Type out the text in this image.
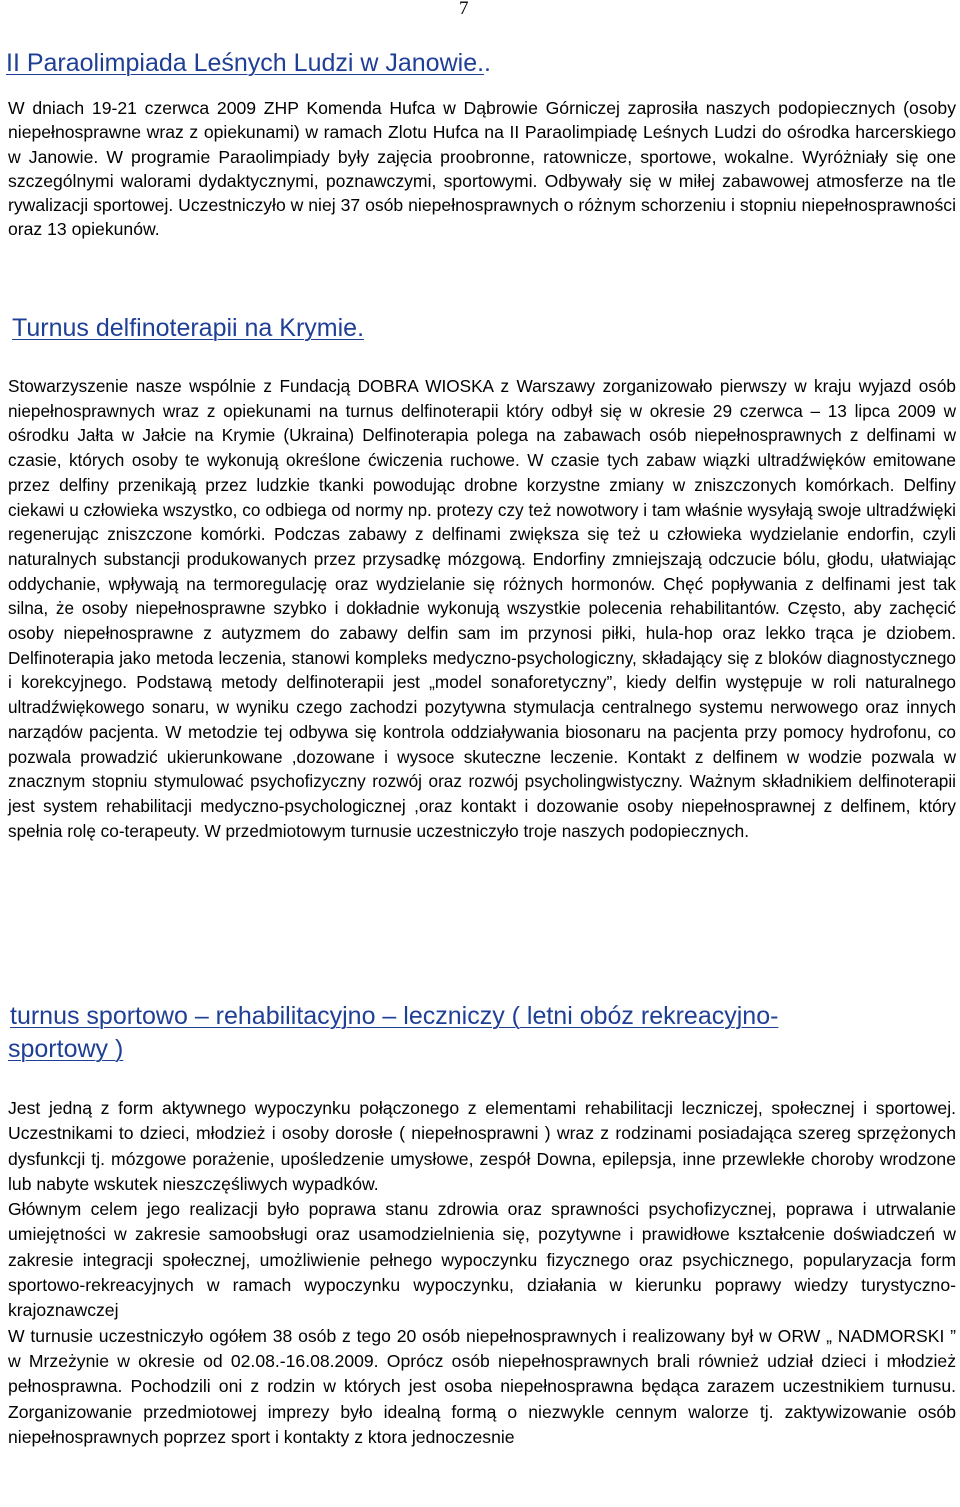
7
II Paraolimpiada Leśnych Ludzi w Janowie..

W dniach 19-21 czerwca 2009 ZHP Komenda Hufca w Dąbrowie Górniczej zaprosiła naszych podopiecznych (osoby niepełnosprawne wraz z opiekunami) w ramach Zlotu Hufca na II Paraolimpiadę Leśnych Ludzi do ośrodka harcerskiego w Janowie. W programie Paraolimpiady były zajęcia proobronne, ratownicze, sportowe, wokalne. Wyróżniały się one szczególnymi walorami dydaktycznymi, poznawczymi, sportowymi. Odbywały się w miłej zabawowej atmosferze na tle rywalizacji sportowej. Uczestniczyło w niej 37 osób niepełnosprawnych o różnym schorzeniu i stopniu niepełnosprawności oraz 13 opiekunów.

Turnus delfinoterapii na Krymie.

Stowarzyszenie nasze wspólnie z Fundacją DOBRA WIOSKA z Warszawy zorganizowało pierwszy w kraju wyjazd osób niepełnosprawnych wraz z opiekunami na turnus delfinoterapii który odbył się w okresie 29 czerwca – 13 lipca 2009 w ośrodku Jałta w Jałcie na Krymie (Ukraina) Delfinoterapia polega na zabawach osób niepełnosprawnych z delfinami w czasie, których osoby te wykonują określone ćwiczenia ruchowe. W czasie tych zabaw wiązki ultradźwięków emitowane przez delfiny przenikają przez ludzkie tkanki powodując drobne korzystne zmiany w zniszczonych komórkach. Delfiny ciekawi u człowieka wszystko, co odbiega od normy np. protezy czy też nowotwory i tam właśnie wysyłają swoje ultradźwięki regenerując zniszczone komórki. Podczas zabawy z delfinami zwiększa się też u człowieka wydzielanie endorfin, czyli naturalnych substancji produkowanych przez przysadkę mózgową. Endorfiny zmniejszają odczucie bólu, głodu, ułatwiając oddychanie, wpływają na termoregulację oraz wydzielanie się różnych hormonów. Chęć popływania z delfinami jest tak silna, że osoby niepełnosprawne szybko i dokładnie wykonują wszystkie polecenia rehabilitantów. Często, aby zachęcić osoby niepełnosprawne z autyzmem do zabawy delfin sam im przynosi piłki, hula-hop oraz lekko trąca je dziobem. Delfinoterapia jako metoda leczenia, stanowi kompleks medyczno-psychologiczny, składający się z bloków diagnostycznego i korekcyjnego. Podstawą metody delfinoterapii jest „model sonaforetyczny”, kiedy delfin występuje w roli naturalnego ultradźwiękowego sonaru, w wyniku czego zachodzi pozytywna stymulacja centralnego systemu nerwowego oraz innych narządów pacjenta. W metodzie tej odbywa się kontrola oddziaływania biosonaru na pacjenta przy pomocy hydrofonu, co pozwala prowadzić ukierunkowane ,dozowane i wysoce skuteczne leczenie. Kontakt z delfinem w wodzie pozwala w znacznym stopniu stymulować psychofizyczny rozwój oraz rozwój psycholingwistyczny. Ważnym składnikiem delfinoterapii jest system rehabilitacji medyczno-psychologicznej ,oraz kontakt i dozowanie osoby niepełnosprawnej z delfinem, który spełnia rolę co-terapeuty. W przedmiotowym turnusie uczestniczyło troje naszych podopiecznych.

turnus sportowo – rehabilitacyjno – leczniczy ( letni obóz rekreacyjno-
sportowy )

Jest jedną z form aktywnego wypoczynku połączonego z elementami rehabilitacji leczniczej, społecznej i sportowej. Uczestnikami to dzieci, młodzież i osoby dorosłe ( niepełnosprawni ) wraz z rodzinami posiadająca szereg sprzężonych dysfunkcji tj. mózgowe porażenie, upośledzenie umysłowe, zespół Downa, epilepsja, inne przewlekłe choroby wrodzone lub nabyte wskutek nieszczęśliwych wypadków.

Głównym celem jego realizacji było poprawa stanu zdrowia oraz sprawności psychofizycznej, poprawa i utrwalanie umiejętności w zakresie samoobsługi oraz usamodzielnienia się, pozytywne i prawidłowe kształcenie doświadczeń w zakresie integracji społecznej, umożliwienie pełnego wypoczynku fizycznego oraz psychicznego, popularyzacja form sportowo-rekreacyjnych w ramach wypoczynku wypoczynku, działania w kierunku poprawy wiedzy turystyczno-krajoznawczej

W turnusie uczestniczyło ogółem 38 osób z tego 20 osób niepełnosprawnych i realizowany był w ORW „ NADMORSKI ” w Mrzeżynie w okresie od 02.08.-16.08.2009. Oprócz osób niepełnosprawnych brali również udział dzieci i młodzież pełnosprawna. Pochodzili oni z rodzin w których jest osoba niepełnosprawna będąca zarazem uczestnikiem turnusu. Zorganizowanie przedmiotowej imprezy było idealną formą o niezwykle cennym walorze tj. zaktywizowanie osób niepełnosprawnych poprzez sport i kontakty z ktora jednoczesnie
